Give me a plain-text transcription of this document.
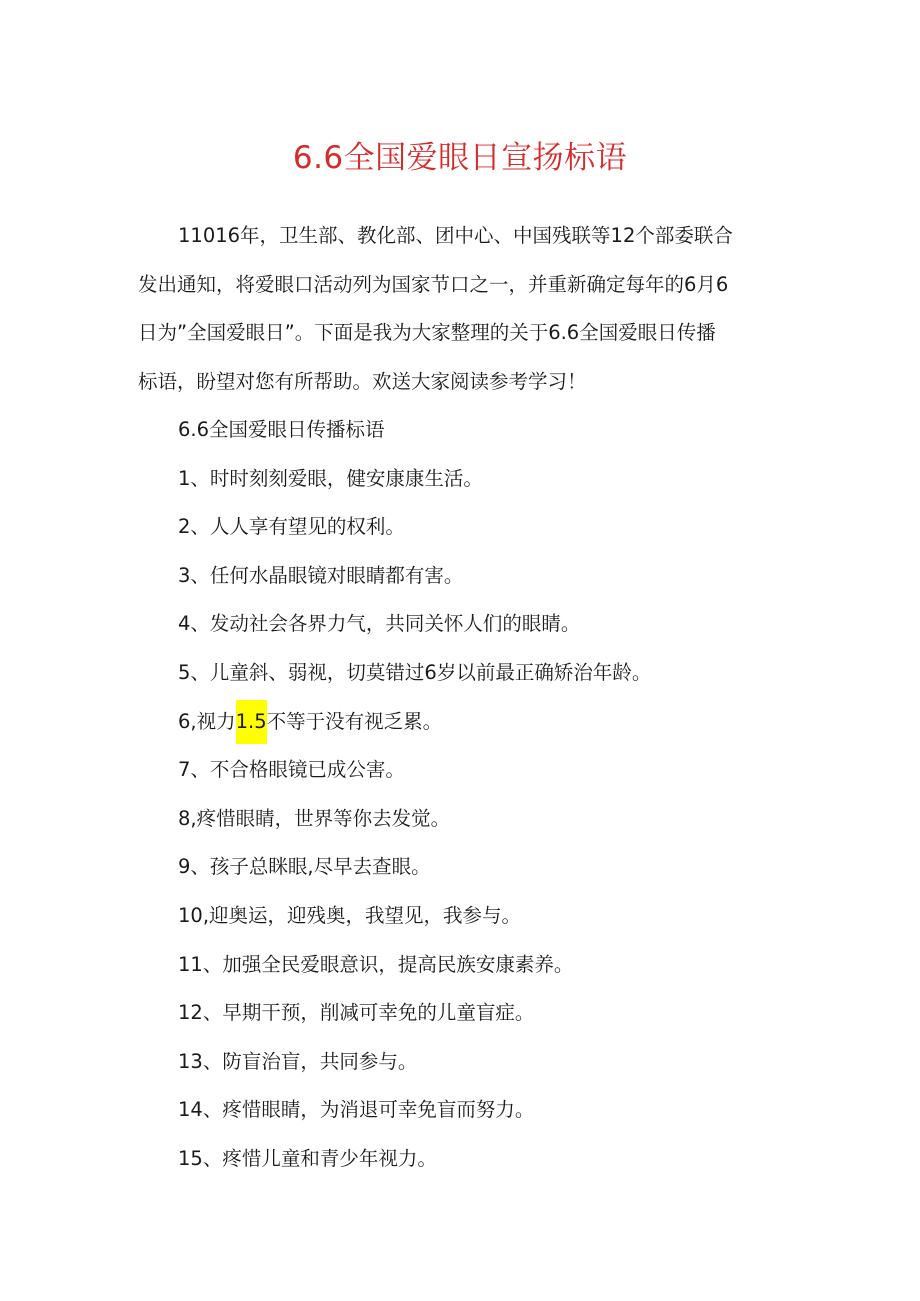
6.6全国爱眼日宣扬标语
11016年，卫生部、教化部、团中心、中国残联等12个部委联合
发出通知，将爱眼口活动列为国家节口之一，并重新确定每年的6月6
日为”全国爱眼日”。下面是我为大家整理的关于6.6全国爱眼日传播
标语，盼望对您有所帮助。欢送大家阅读参考学习！
6.6全国爱眼日传播标语
1、时时刻刻爱眼，健安康康生活。
2、人人享有望见的权利。
3、任何水晶眼镜对眼睛都有害。
4、发动社会各界力气，共同关怀人们的眼睛。
5、儿童斜、弱视，切莫错过6岁以前最正确矫治年龄。
6,视力1.5不等于没有视乏累。
7、不合格眼镜已成公害。
8,疼惜眼睛，世界等你去发觉。
9、孩子总眯眼,尽早去查眼。
10,迎奥运，迎残奥，我望见，我参与。
11、加强全民爱眼意识，提高民族安康素养。
12、早期干预，削减可幸免的儿童盲症。
13、防盲治盲，共同参与。
14、疼惜眼睛，为消退可幸免盲而努力。
15、疼惜儿童和青少年视力。
